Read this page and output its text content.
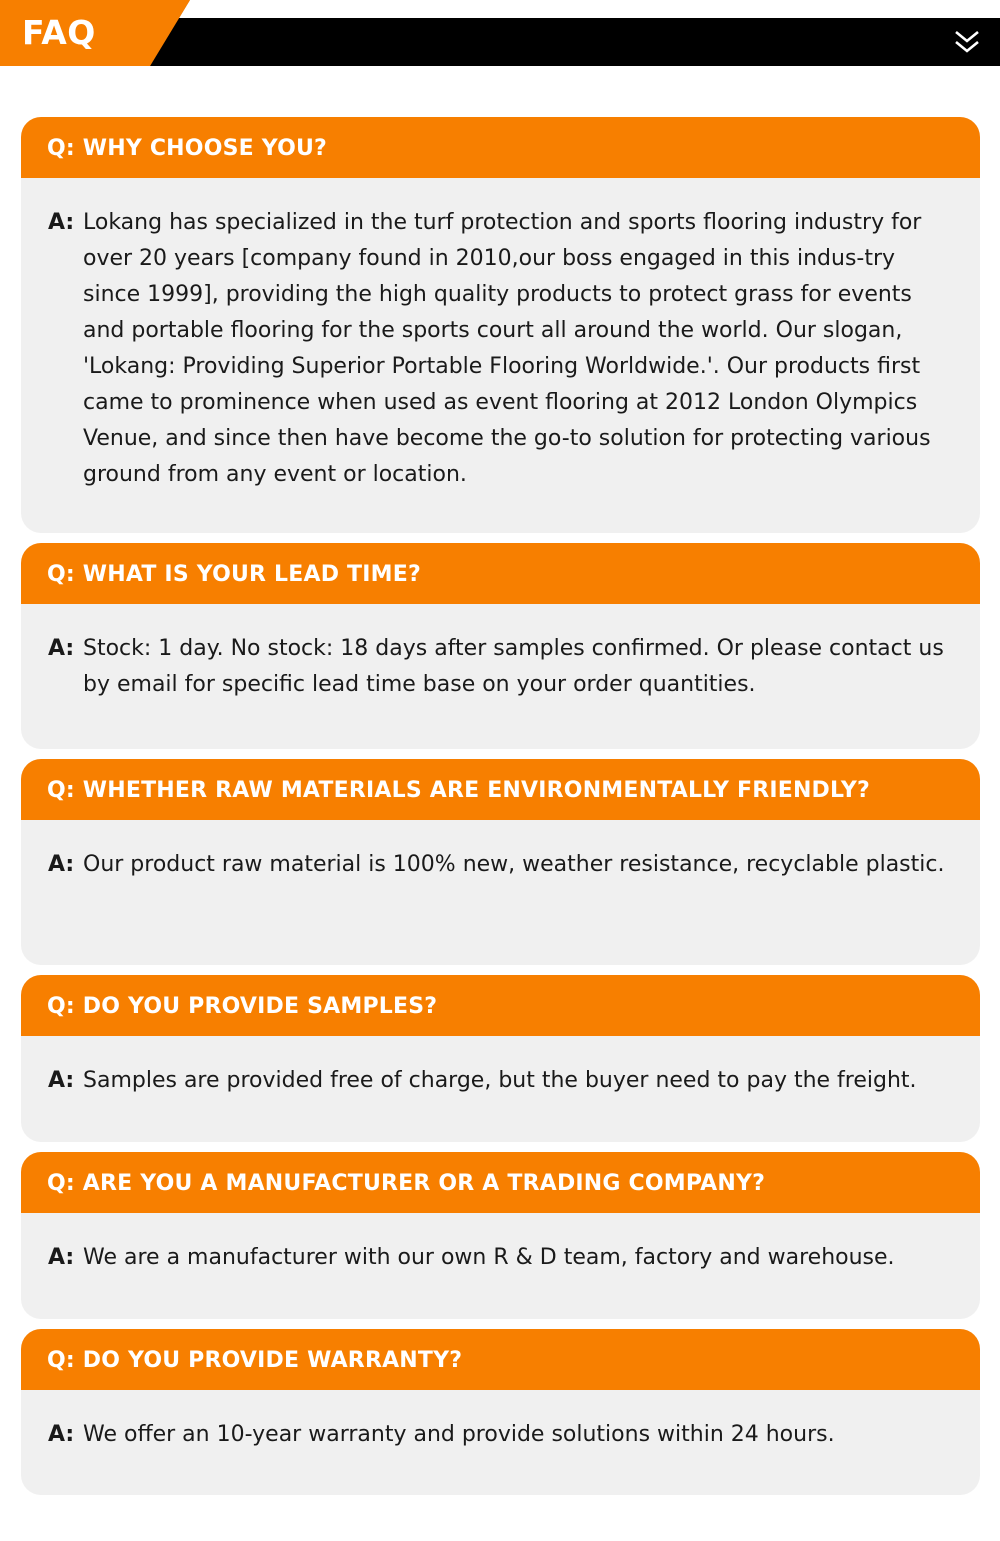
FAQ
Q: WHY CHOOSE YOU?
A: Lokang has specialized in the turf protection and sports flooring industry for over 20 years [company found in 2010,our boss engaged in this indus-try since 1999], providing the high quality products to protect grass for events and portable flooring for the sports court all around the world. Our slogan, 'Lokang: Providing Superior Portable Flooring Worldwide.'. Our products first came to prominence when used as event flooring at 2012 London Olympics Venue, and since then have become the go-to solution for protecting various ground from any event or location.
Q: WHAT IS YOUR LEAD TIME?
A: Stock: 1 day. No stock: 18 days after samples confirmed. Or please contact us by email for specific lead time base on your order quantities.
Q: WHETHER RAW MATERIALS ARE ENVIRONMENTALLY FRIENDLY?
A: Our product raw material is 100% new, weather resistance, recyclable plastic.
Q: DO YOU PROVIDE SAMPLES?
A: Samples are provided free of charge, but the buyer need to pay the freight.
Q: ARE YOU A MANUFACTURER OR A TRADING COMPANY?
A: We are a manufacturer with our own R & D team, factory and warehouse.
Q: DO YOU PROVIDE WARRANTY?
A: We offer an 10-year warranty and provide solutions within 24 hours.
